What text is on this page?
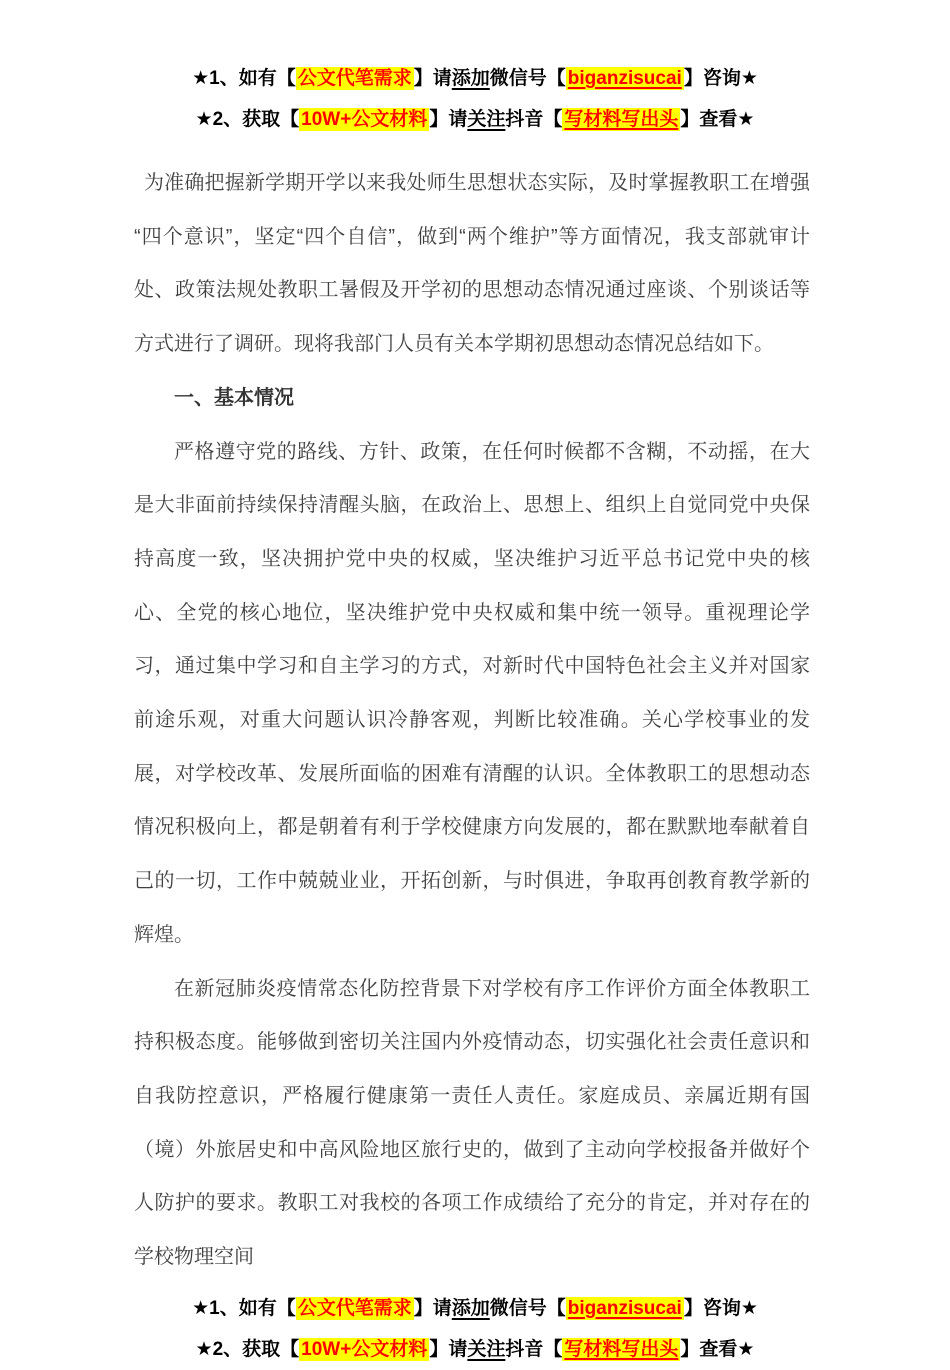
★1、如有【 公文代笔需求 】请添加微信号【 biganzisucai 】咨询★

★2、获取【 10W+公文材料 】请关注抖音【 写材料写出头 】查看★

为准确把握新学期开学以来我处师生思想状态实际，及时掌握教职工在增强“四个意识”，坚定“四个自信”，做到“两个维护”等方面情况，我支部就审计处、政策法规处教职工暑假及开学初的思想动态情况通过座谈、个别谈话等方式进行了调研。现将我部门人员有关本学期初思想动态情况总结如下。

一、基本情况

严格遵守党的路线、方针、政策，在任何时候都不含糊，不动摇，在大是大非面前持续保持清醒头脑，在政治上、思想上、组织上自觉同党中央保持高度一致，坚决拥护党中央的权威，坚决维护习近平总书记党中央的核心、全党的核心地位，坚决维护党中央权威和集中统一领导。重视理论学习，通过集中学习和自主学习的方式，对新时代中国特色社会主义并对国家前途乐观，对重大问题认识冷静客观，判断比较准确。关心学校事业的发展，对学校改革、发展所面临的困难有清醒的认识。全体教职工的思想动态情况积极向上，都是朝着有利于学校健康方向发展的，都在默默地奉献着自己的一切，工作中兢兢业业，开拓创新，与时俱进，争取再创教育教学新的辉煌。

在新冠肺炎疫情常态化防控背景下对学校有序工作评价方面全体教职工持积极态度。能够做到密切关注国内外疫情动态，切实强化社会责任意识和自我防控意识，严格履行健康第一责任人责任。家庭成员、亲属近期有国（境）外旅居史和中高风险地区旅行史的，做到了主动向学校报备并做好个人防护的要求。教职工对我校的各项工作成绩给了充分的肯定，并对存在的学校物理空间

★1、如有【 公文代笔需求 】请添加微信号【 biganzisucai 】咨询★

★2、获取【 10W+公文材料 】请关注抖音【 写材料写出头 】查看★
